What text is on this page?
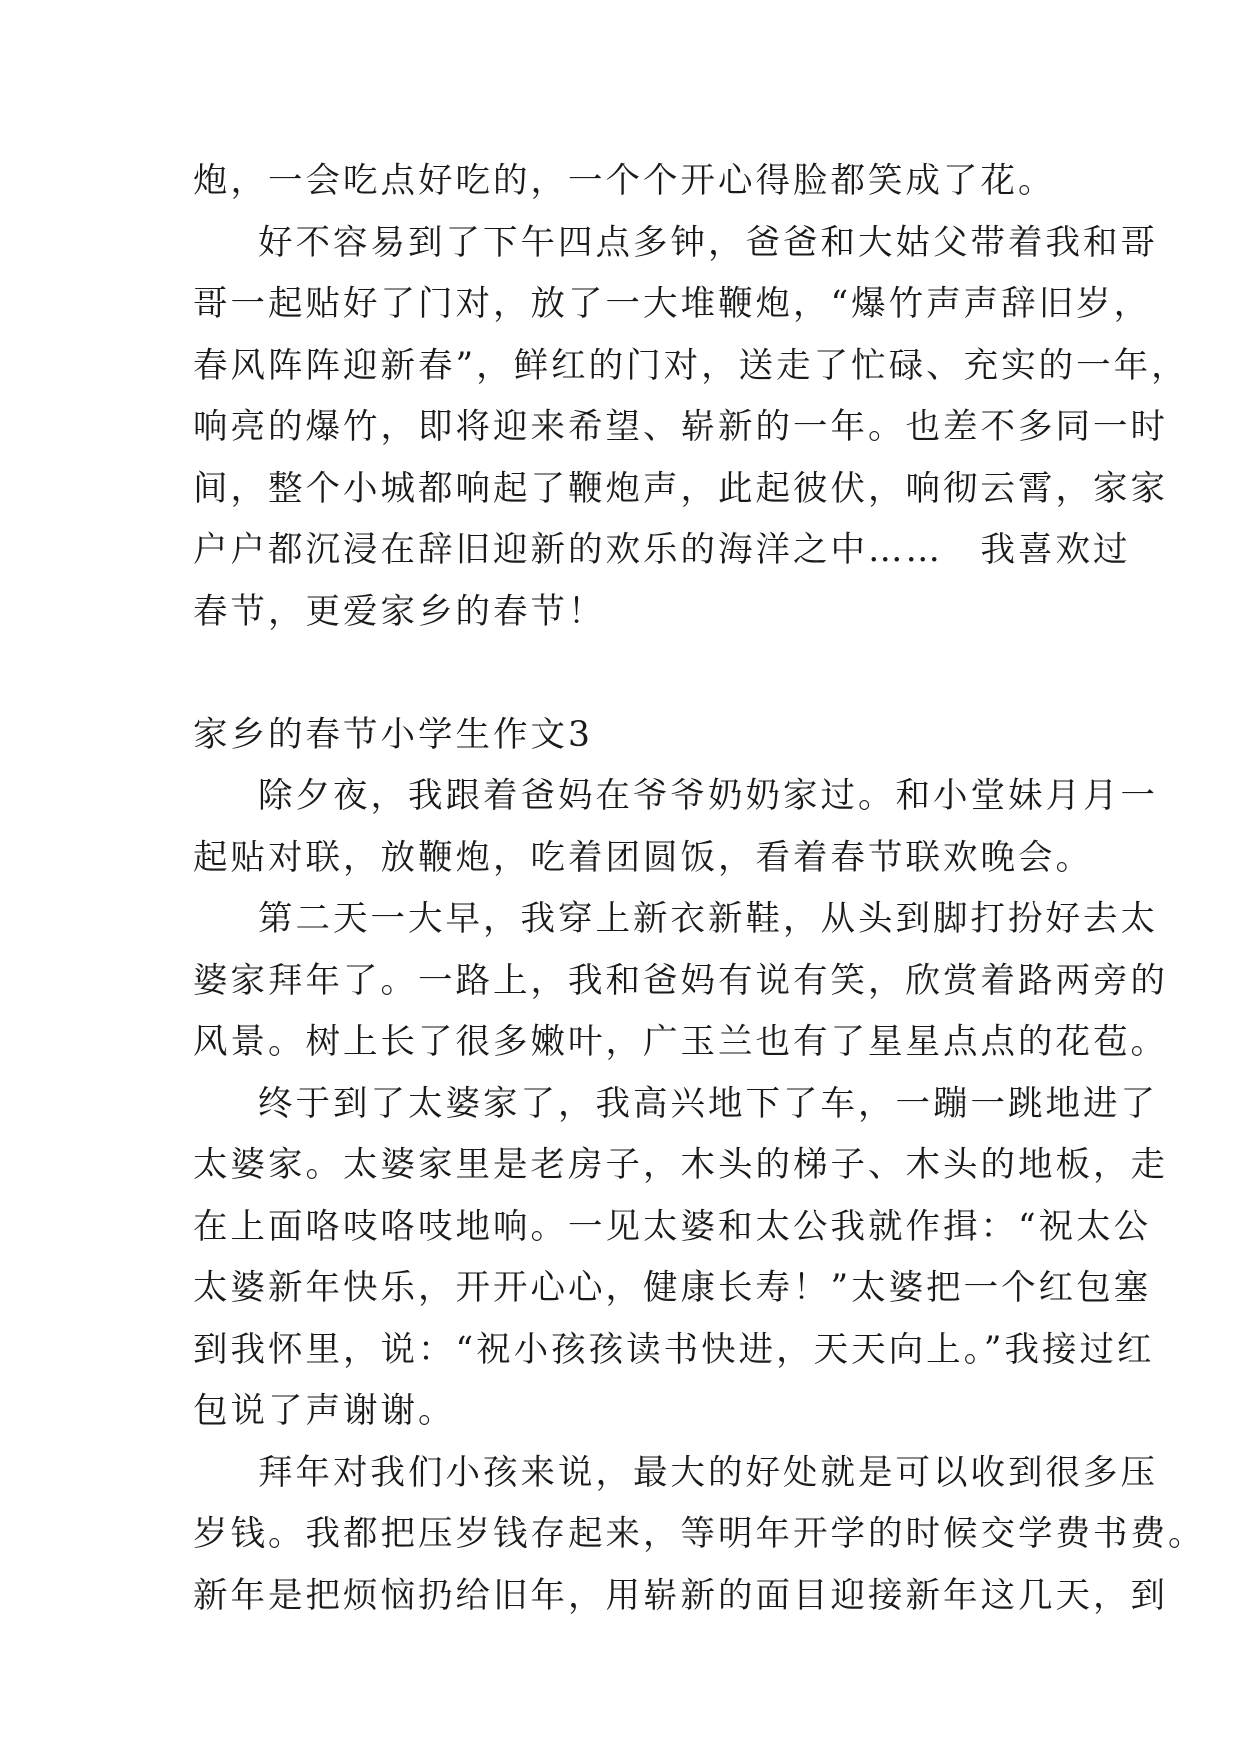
炮，一会吃点好吃的，一个个开心得脸都笑成了花。
好不容易到了下午四点多钟，爸爸和大姑父带着我和哥
哥一起贴好了门对，放了一大堆鞭炮，“爆竹声声辞旧岁，
春风阵阵迎新春”，鲜红的门对，送走了忙碌、充实的一年，
响亮的爆竹，即将迎来希望、崭新的一年。也差不多同一时
间，整个小城都响起了鞭炮声，此起彼伏，响彻云霄，家家
户户都沉浸在辞旧迎新的欢乐的海洋之中……　我喜欢过
春节，更爱家乡的春节！
家乡的春节小学生作文3
除夕夜，我跟着爸妈在爷爷奶奶家过。和小堂妹月月一
起贴对联，放鞭炮，吃着团圆饭，看着春节联欢晚会。
第二天一大早，我穿上新衣新鞋，从头到脚打扮好去太
婆家拜年了。一路上，我和爸妈有说有笑，欣赏着路两旁的
风景。树上长了很多嫩叶，广玉兰也有了星星点点的花苞。
终于到了太婆家了，我高兴地下了车，一蹦一跳地进了
太婆家。太婆家里是老房子，木头的梯子、木头的地板，走
在上面咯吱咯吱地响。一见太婆和太公我就作揖：“祝太公
太婆新年快乐，开开心心，健康长寿！”太婆把一个红包塞
到我怀里，说：“祝小孩孩读书快进，天天向上。”我接过红
包说了声谢谢。
拜年对我们小孩来说，最大的好处就是可以收到很多压
岁钱。我都把压岁钱存起来，等明年开学的时候交学费书费。
新年是把烦恼扔给旧年，用崭新的面目迎接新年这几天，到
